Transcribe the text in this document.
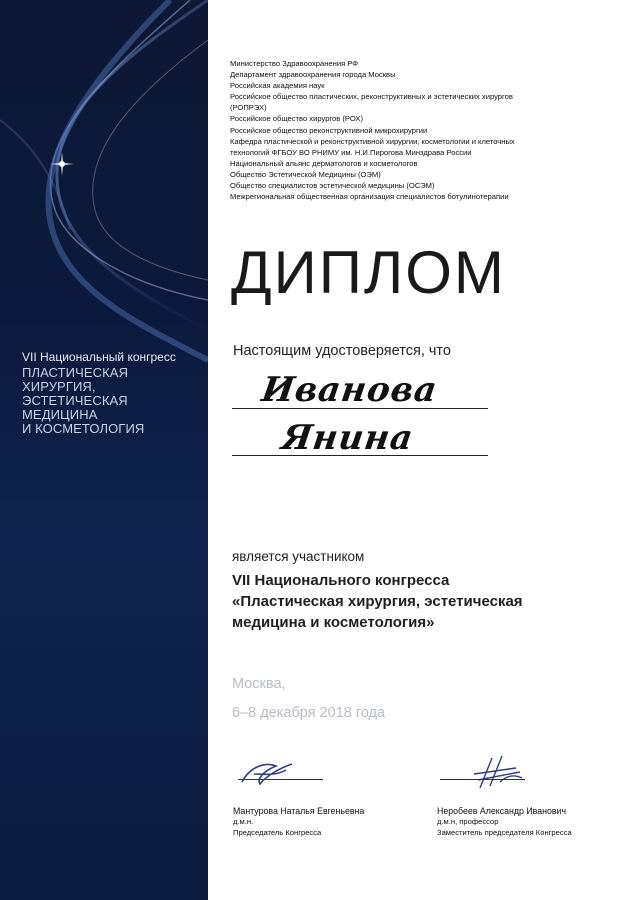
VII Национальный конгресс
ПЛАСТИЧЕСКАЯ ХИРУРГИЯ,
ЭСТЕТИЧЕСКАЯ МЕДИЦИНА
И КОСМЕТОЛОГИЯ
Министерство Здравоохранения РФ
Департамент здравоохранения города Москвы
Российская академия наук
Российское общество пластических, реконструктивных и эстетических хирургов
(РОПРЭХ)
Российское общество хирургов (РОХ)
Российское общество реконструктивной микрохирургии
Кафедра пластической и реконструктивной хирургии, косметологии и клеточных
технологий ФГБОУ ВО РНИМУ им. Н.И.Пирогова Минздрава России
Национальный альянс дерматологов и косметологов
Общество Эстетической Медицины (ОЭМ)
Общество специалистов эстетической медицины (ОСЭМ)
Межрегиональная общественная организация специалистов ботулинотерапии
ДИПЛОМ
Настоящим удостоверяется, что
Иванова
Янина
является участником
VII Национального конгресса
«Пластическая хирургия, эстетическая
медицина и косметология»
Москва,
6–8 декабря 2018 года
Мантурова Наталья Евгеньевна
д.м.н.
Председатель Конгресса
Неробеев Александр Иванович
д.м.н, профессор
Заместитель председателя Конгресса
